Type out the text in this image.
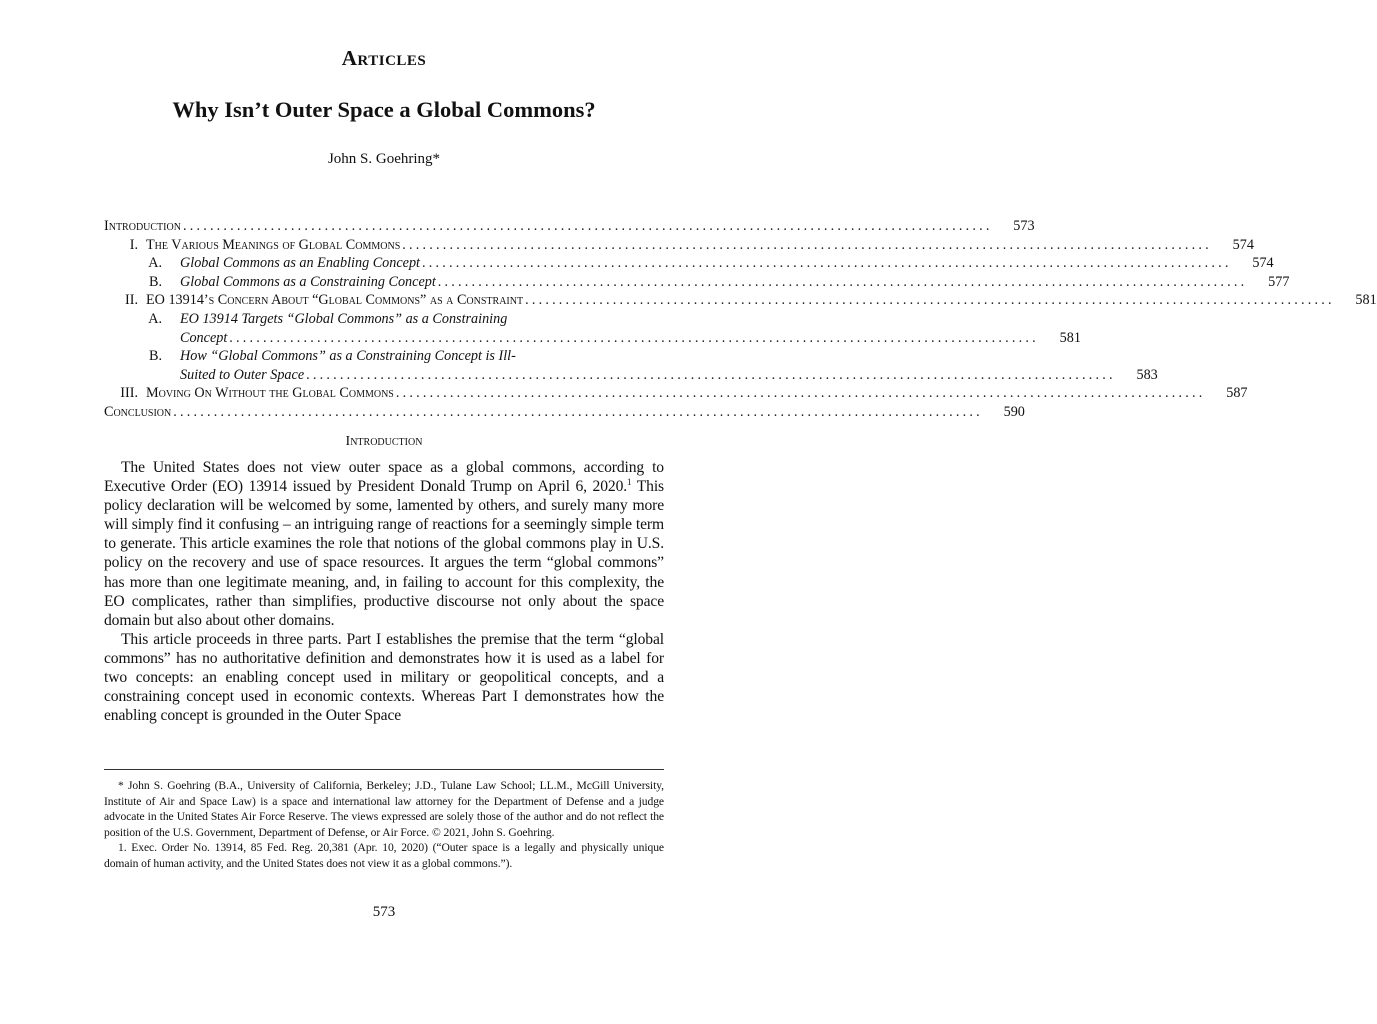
Articles
Why Isn’t Outer Space a Global Commons?
John S. Goehring*
Introduction ........................................................................................................................	573
I. The Various Meanings of Global Commons ........................................................................................................................	574
A.	Global Commons as an Enabling Concept ........................................................................................................................	574
B.	Global Commons as a Constraining Concept ........................................................................................................................	577
II. EO 13914’s Concern About “Global Commons” as a Constraint ........................................................................................................................	581
A.	EO 13914 Targets “Global Commons” as a Constraining
Concept ........................................................................................................................	581
B.	How “Global Commons” as a Constraining Concept is Ill-
Suited to Outer Space ........................................................................................................................	583
III. Moving On Without the Global Commons ........................................................................................................................	587
Conclusion ........................................................................................................................	590
Introduction

The United States does not view outer space as a global commons, according to Executive Order (EO) 13914 issued by President Donald Trump on April 6, 2020.$^1$ This policy declaration will be welcomed by some, lamented by others, and surely many more will simply find it confusing – an intriguing range of reactions for a seemingly simple term to generate. This article examines the role that notions of the global commons play in U.S. policy on the recovery and use of space resources. It argues the term “global commons” has more than one legitimate meaning, and, in failing to account for this complexity, the EO complicates, rather than simplifies, productive discourse not only about the space domain but also about other domains.

This article proceeds in three parts. Part I establishes the premise that the term “global commons” has no authoritative definition and demonstrates how it is used as a label for two concepts: an enabling concept used in military or geopolitical concepts, and a constraining concept used in economic contexts. Whereas Part I demonstrates how the enabling concept is grounded in the Outer Space

* John S. Goehring (B.A., University of California, Berkeley; J.D., Tulane Law School; LL.M., McGill University, Institute of Air and Space Law) is a space and international law attorney for the Department of Defense and a judge advocate in the United States Air Force Reserve. The views expressed are solely those of the author and do not reflect the position of the U.S. Government, Department of Defense, or Air Force. © 2021, John S. Goehring.

1. Exec. Order No. 13914, 85 Fed. Reg. 20,381 (Apr. 10, 2020) (“Outer space is a legally and physically unique domain of human activity, and the United States does not view it as a global commons.”).

573
